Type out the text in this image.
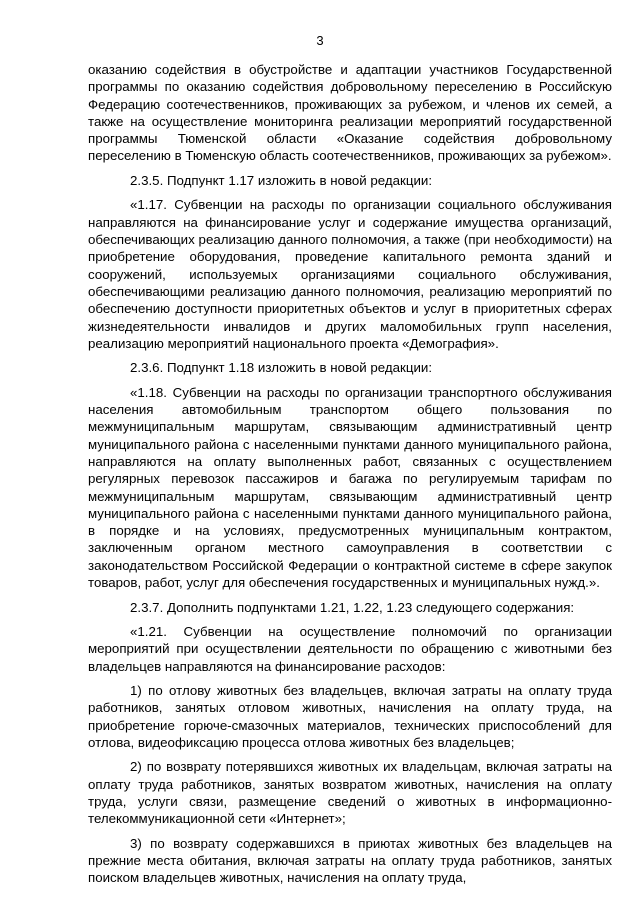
3

оказанию содействия в обустройстве и адаптации участников Государственной программы по оказанию содействия добровольному переселению в Российскую Федерацию соотечественников, проживающих за рубежом, и членов их семей, а также на осуществление мониторинга реализации мероприятий государственной программы Тюменской области «Оказание содействия добровольному переселению в Тюменскую область соотечественников, проживающих за рубежом».

2.3.5. Подпункт 1.17 изложить в новой редакции:

«1.17. Субвенции на расходы по организации социального обслуживания направляются на финансирование услуг и содержание имущества организаций, обеспечивающих реализацию данного полномочия, а также (при необходимости) на приобретение оборудования, проведение капитального ремонта зданий и сооружений, используемых организациями социального обслуживания, обеспечивающими реализацию данного полномочия, реализацию мероприятий по обеспечению доступности приоритетных объектов и услуг в приоритетных сферах жизнедеятельности инвалидов и других маломобильных групп населения, реализацию мероприятий национального проекта «Демография».

2.3.6. Подпункт 1.18 изложить в новой редакции:

«1.18. Субвенции на расходы по организации транспортного обслуживания населения автомобильным транспортом общего пользования по межмуниципальным маршрутам, связывающим административный центр муниципального района с населенными пунктами данного муниципального района, направляются на оплату выполненных работ, связанных с осуществлением регулярных перевозок пассажиров и багажа по регулируемым тарифам по межмуниципальным маршрутам, связывающим административный центр муниципального района с населенными пунктами данного муниципального района, в порядке и на условиях, предусмотренных муниципальным контрактом, заключенным органом местного самоуправления в соответствии с законодательством Российской Федерации о контрактной системе в сфере закупок товаров, работ, услуг для обеспечения государственных и муниципальных нужд.».

2.3.7. Дополнить подпунктами 1.21, 1.22, 1.23 следующего содержания:

«1.21. Субвенции на осуществление полномочий по организации мероприятий при осуществлении деятельности по обращению с животными без владельцев направляются на финансирование расходов:

1) по отлову животных без владельцев, включая затраты на оплату труда работников, занятых отловом животных, начисления на оплату труда, на приобретение горюче-смазочных материалов, технических приспособлений для отлова, видеофиксацию процесса отлова животных без владельцев;

2) по возврату потерявшихся животных их владельцам, включая затраты на оплату труда работников, занятых возвратом животных, начисления на оплату труда, услуги связи, размещение сведений о животных в информационно-телекоммуникационной сети «Интернет»;

3) по возврату содержавшихся в приютах животных без владельцев на прежние места обитания, включая затраты на оплату труда работников, занятых поиском владельцев животных, начисления на оплату труда,
